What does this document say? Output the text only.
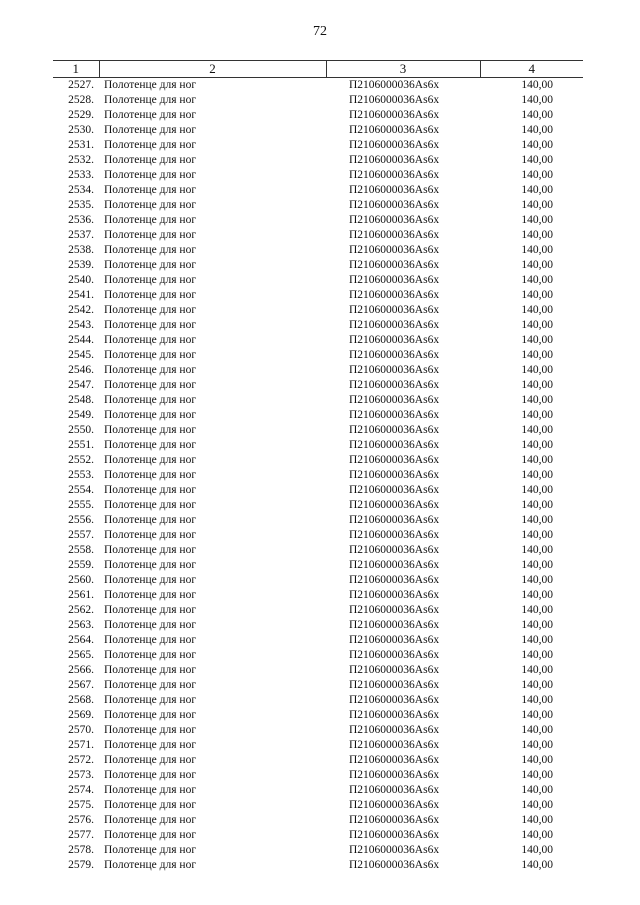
72
1	2	3	4
2527.	Полотенце для ног	П2106000036Аs6x	140,00
2528.	Полотенце для ног	П2106000036Аs6x	140,00
2529.	Полотенце для ног	П2106000036Аs6x	140,00
2530.	Полотенце для ног	П2106000036Аs6x	140,00
2531.	Полотенце для ног	П2106000036Аs6x	140,00
2532.	Полотенце для ног	П2106000036Аs6x	140,00
2533.	Полотенце для ног	П2106000036Аs6x	140,00
2534.	Полотенце для ног	П2106000036Аs6x	140,00
2535.	Полотенце для ног	П2106000036Аs6x	140,00
2536.	Полотенце для ног	П2106000036Аs6x	140,00
2537.	Полотенце для ног	П2106000036Аs6x	140,00
2538.	Полотенце для ног	П2106000036Аs6x	140,00
2539.	Полотенце для ног	П2106000036Аs6x	140,00
2540.	Полотенце для ног	П2106000036Аs6x	140,00
2541.	Полотенце для ног	П2106000036Аs6x	140,00
2542.	Полотенце для ног	П2106000036Аs6x	140,00
2543.	Полотенце для ног	П2106000036Аs6x	140,00
2544.	Полотенце для ног	П2106000036Аs6x	140,00
2545.	Полотенце для ног	П2106000036Аs6x	140,00
2546.	Полотенце для ног	П2106000036Аs6x	140,00
2547.	Полотенце для ног	П2106000036Аs6x	140,00
2548.	Полотенце для ног	П2106000036Аs6x	140,00
2549.	Полотенце для ног	П2106000036Аs6x	140,00
2550.	Полотенце для ног	П2106000036Аs6x	140,00
2551.	Полотенце для ног	П2106000036Аs6x	140,00
2552.	Полотенце для ног	П2106000036Аs6x	140,00
2553.	Полотенце для ног	П2106000036Аs6x	140,00
2554.	Полотенце для ног	П2106000036Аs6x	140,00
2555.	Полотенце для ног	П2106000036Аs6x	140,00
2556.	Полотенце для ног	П2106000036Аs6x	140,00
2557.	Полотенце для ног	П2106000036Аs6x	140,00
2558.	Полотенце для ног	П2106000036Аs6x	140,00
2559.	Полотенце для ног	П2106000036Аs6x	140,00
2560.	Полотенце для ног	П2106000036Аs6x	140,00
2561.	Полотенце для ног	П2106000036Аs6x	140,00
2562.	Полотенце для ног	П2106000036Аs6x	140,00
2563.	Полотенце для ног	П2106000036Аs6x	140,00
2564.	Полотенце для ног	П2106000036Аs6x	140,00
2565.	Полотенце для ног	П2106000036Аs6x	140,00
2566.	Полотенце для ног	П2106000036Аs6x	140,00
2567.	Полотенце для ног	П2106000036Аs6x	140,00
2568.	Полотенце для ног	П2106000036Аs6x	140,00
2569.	Полотенце для ног	П2106000036Аs6x	140,00
2570.	Полотенце для ног	П2106000036Аs6x	140,00
2571.	Полотенце для ног	П2106000036Аs6x	140,00
2572.	Полотенце для ног	П2106000036Аs6x	140,00
2573.	Полотенце для ног	П2106000036Аs6x	140,00
2574.	Полотенце для ног	П2106000036Аs6x	140,00
2575.	Полотенце для ног	П2106000036Аs6x	140,00
2576.	Полотенце для ног	П2106000036Аs6x	140,00
2577.	Полотенце для ног	П2106000036Аs6x	140,00
2578.	Полотенце для ног	П2106000036Аs6x	140,00
2579.	Полотенце для ног	П2106000036Аs6x	140,00
